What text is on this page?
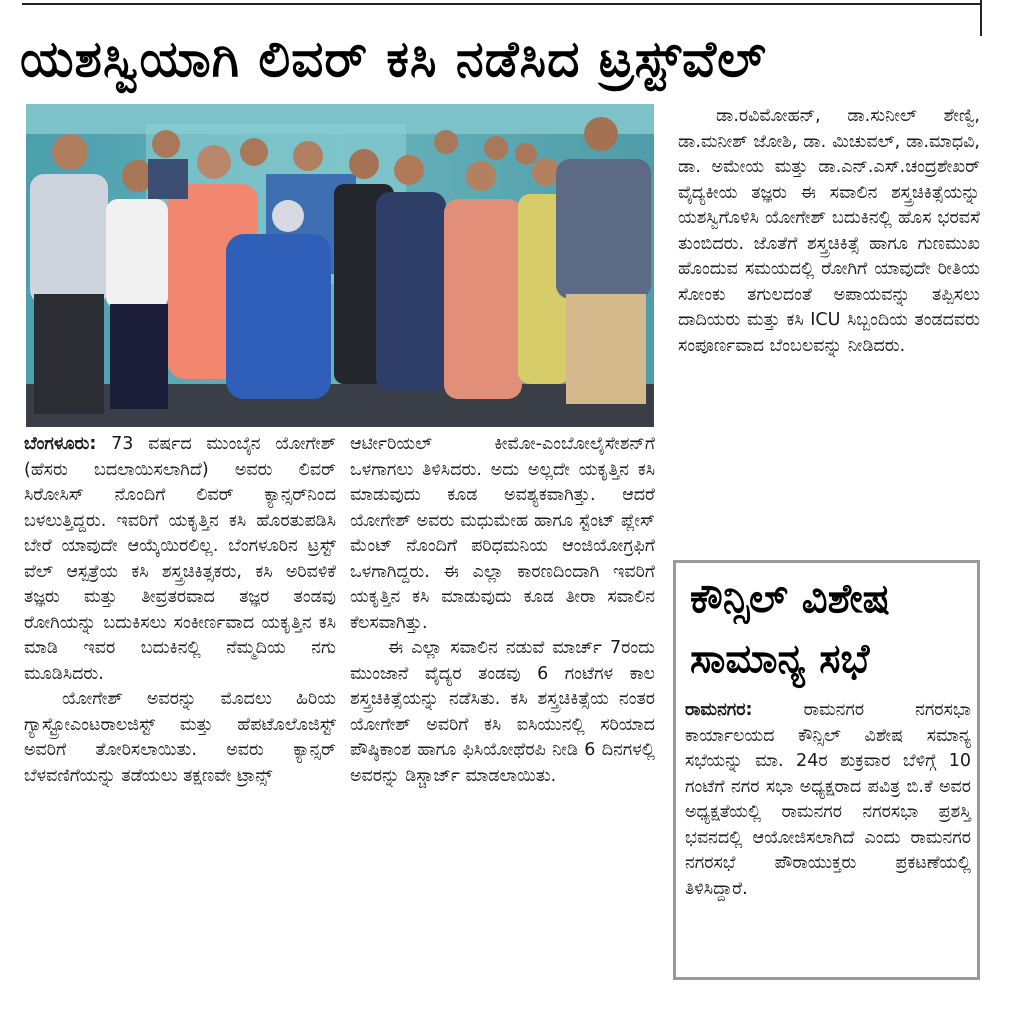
ಯಶಸ್ವಿಯಾಗಿ ಲಿವರ್ ಕಸಿ ನಡೆಸಿದ ಟ್ರಸ್ಟ್‌ವೆಲ್

ಬೆಂಗಳೂರು: 73 ವರ್ಷದ ಮುಂಬೈನ ಯೋಗೇಶ್ (ಹೆಸರು ಬದಲಾಯಿಸಲಾಗಿದೆ) ಅವರು ಲಿವರ್ ಸಿರೋಸಿಸ್ ನೊಂದಿಗೆ ಲಿವರ್ ಕ್ಯಾನ್ಸರ್‌ನಿಂದ ಬಳಲುತ್ತಿದ್ದರು. ಇವರಿಗೆ ಯಕೃತ್ತಿನ ಕಸಿ ಹೊರತುಪಡಿಸಿ ಬೇರೆ ಯಾವುದೇ ಆಯ್ಕೆಯಿರಲಿಲ್ಲ. ಬೆಂಗಳೂರಿನ ಟ್ರಸ್ಟ್ ವೆಲ್ ಆಸ್ಪತ್ರೆಯ ಕಸಿ ಶಸ್ತ್ರಚಿಕಿತ್ಸಕರು, ಕಸಿ ಅರಿವಳಿಕೆ ತಜ್ಞರು ಮತ್ತು ತೀವ್ರತರವಾದ ತಜ್ಞರ ತಂಡವು ರೋಗಿಯನ್ನು ಬದುಕಿಸಲು ಸಂಕೀರ್ಣವಾದ ಯಕೃತ್ತಿನ ಕಸಿ ಮಾಡಿ ಇವರ ಬದುಕಿನಲ್ಲಿ ನೆಮ್ಮದಿಯ ನಗು ಮೂಡಿಸಿದರು.

ಯೋಗೇಶ್ ಅವರನ್ನು ಮೊದಲು ಹಿರಿಯ ಗ್ಯಾಸ್ಟ್ರೋಎಂಟರಾಲಜಿಸ್ಟ್ ಮತ್ತು ಹೆಪಟೊಲೊಜಿಸ್ಟ್ ಅವರಿಗೆ ತೋರಿಸಲಾಯಿತು. ಅವರು ಕ್ಯಾನ್ಸರ್ ಬೆಳವಣಿಗೆಯನ್ನು ತಡೆಯಲು ತಕ್ಷಣವೇ ಟ್ರಾನ್ಸ್

ಆರ್ಟೀರಿಯಲ್ ಕೀಮೋ-ಎಂಬೋಲೈಸೇಶನ್‌ಗೆ ಒಳಗಾಗಲು ತಿಳಿಸಿದರು. ಅದು ಅಲ್ಲದೇ ಯಕೃತ್ತಿನ ಕಸಿ ಮಾಡುವುದು ಕೂಡ ಅವಶ್ಯಕವಾಗಿತ್ತು. ಆದರೆ ಯೋಗೇಶ್ ಅವರು ಮಧುಮೇಹ ಹಾಗೂ ಸ್ಟೆಂಟ್ ಪ್ಲೇಸ್ ಮೆಂಟ್ ನೊಂದಿಗೆ ಪರಿಧಮನಿಯ ಆಂಜಿಯೋಗ್ರಫಿಗೆ ಒಳಗಾಗಿದ್ದರು. ಈ ಎಲ್ಲಾ ಕಾರಣದಿಂದಾಗಿ ಇವರಿಗೆ ಯಕೃತ್ತಿನ ಕಸಿ ಮಾಡುವುದು ಕೂಡ ತೀರಾ ಸವಾಲಿನ ಕೆಲಸವಾಗಿತ್ತು.

ಈ ಎಲ್ಲಾ ಸವಾಲಿನ ನಡುವೆ ಮಾರ್ಚ್ 7ರಂದು ಮುಂಜಾನೆ ವೈದ್ಯರ ತಂಡವು 6 ಗಂಟೆಗಳ ಕಾಲ ಶಸ್ತ್ರಚಿಕಿತ್ಸೆಯನ್ನು ನಡೆಸಿತು. ಕಸಿ ಶಸ್ತ್ರಚಿಕಿತ್ಸೆಯ ನಂತರ ಯೋಗೇಶ್ ಅವರಿಗೆ ಕಸಿ ಐಸಿಯುನಲ್ಲಿ ಸರಿಯಾದ ಪೌಷ್ಠಿಕಾಂಶ ಹಾಗೂ ಫಿಸಿಯೋಥೆರಪಿ ನೀಡಿ 6 ದಿನಗಳಲ್ಲಿ ಅವರನ್ನು ಡಿಸ್ಚಾರ್ಜ್ ಮಾಡಲಾಯಿತು.

ಡಾ.ರವಿಮೋಹನ್, ಡಾ.ಸುನೀಲ್ ಶೇಣ್ವಿ, ಡಾ.ಮನೀಶ್ ಜೋಶಿ, ಡಾ. ಮಿಚುವಲ್, ಡಾ.ಮಾಧವಿ, ಡಾ. ಅಮೇಯ ಮತ್ತು ಡಾ.ಎನ್.ಎಸ್.ಚಂದ್ರಶೇಖರ್ ವೈದ್ಯಕೀಯ ತಜ್ಞರು ಈ ಸವಾಲಿನ ಶಸ್ತ್ರಚಿಕಿತ್ಸೆಯನ್ನು ಯಶಸ್ವಿಗೊಳಿಸಿ ಯೋಗೇಶ್ ಬದುಕಿನಲ್ಲಿ ಹೊಸ ಭರವಸೆ ತುಂಬಿದರು. ಜೊತೆಗೆ ಶಸ್ತ್ರಚಿಕಿತ್ಸೆ ಹಾಗೂ ಗುಣಮುಖ ಹೊಂದುವ ಸಮಯದಲ್ಲಿ ರೋಗಿಗೆ ಯಾವುದೇ ರೀತಿಯ ಸೋಂಕು ತಗುಲದಂತೆ ಅಪಾಯವನ್ನು ತಪ್ಪಿಸಲು ದಾದಿಯರು ಮತ್ತು ಕಸಿ ICU ಸಿಬ್ಬಂದಿಯ ತಂಡದವರು ಸಂಪೂರ್ಣವಾದ ಬೆಂಬಲವನ್ನು ನೀಡಿದರು.

ಕೌನ್ಸಿಲ್ ವಿಶೇಷ ಸಾಮಾನ್ಯ ಸಭೆ

ರಾಮನಗರ:	ರಾಮನಗರ ನಗರಸಭಾ ಕಾರ್ಯಾಲಯದ ಕೌನ್ಸಿಲ್ ವಿಶೇಷ ಸಮಾನ್ಯ ಸಭೆಯನ್ನು ಮಾ. 24ರ ಶುಕ್ರವಾರ ಬೆಳಿಗ್ಗೆ 10 ಗಂಟೆಗೆ ನಗರ ಸಭಾ ಅಧ್ಯಕ್ಷರಾದ ಪವಿತ್ರ ಬಿ.ಕೆ ಅವರ ಅಧ್ಯಕ್ಷತೆಯಲ್ಲಿ ರಾಮನಗರ ನಗರಸಭಾ ಪ್ರಶಸ್ತಿ ಭವನದಲ್ಲಿ ಆಯೋಜಿಸಲಾಗಿದೆ ಎಂದು ರಾಮನಗರ ನಗರಸಭೆ ಪೌರಾಯುಕ್ತರು ಪ್ರಕಟಣೆಯಲ್ಲಿ ತಿಳಿಸಿದ್ದಾರೆ.
